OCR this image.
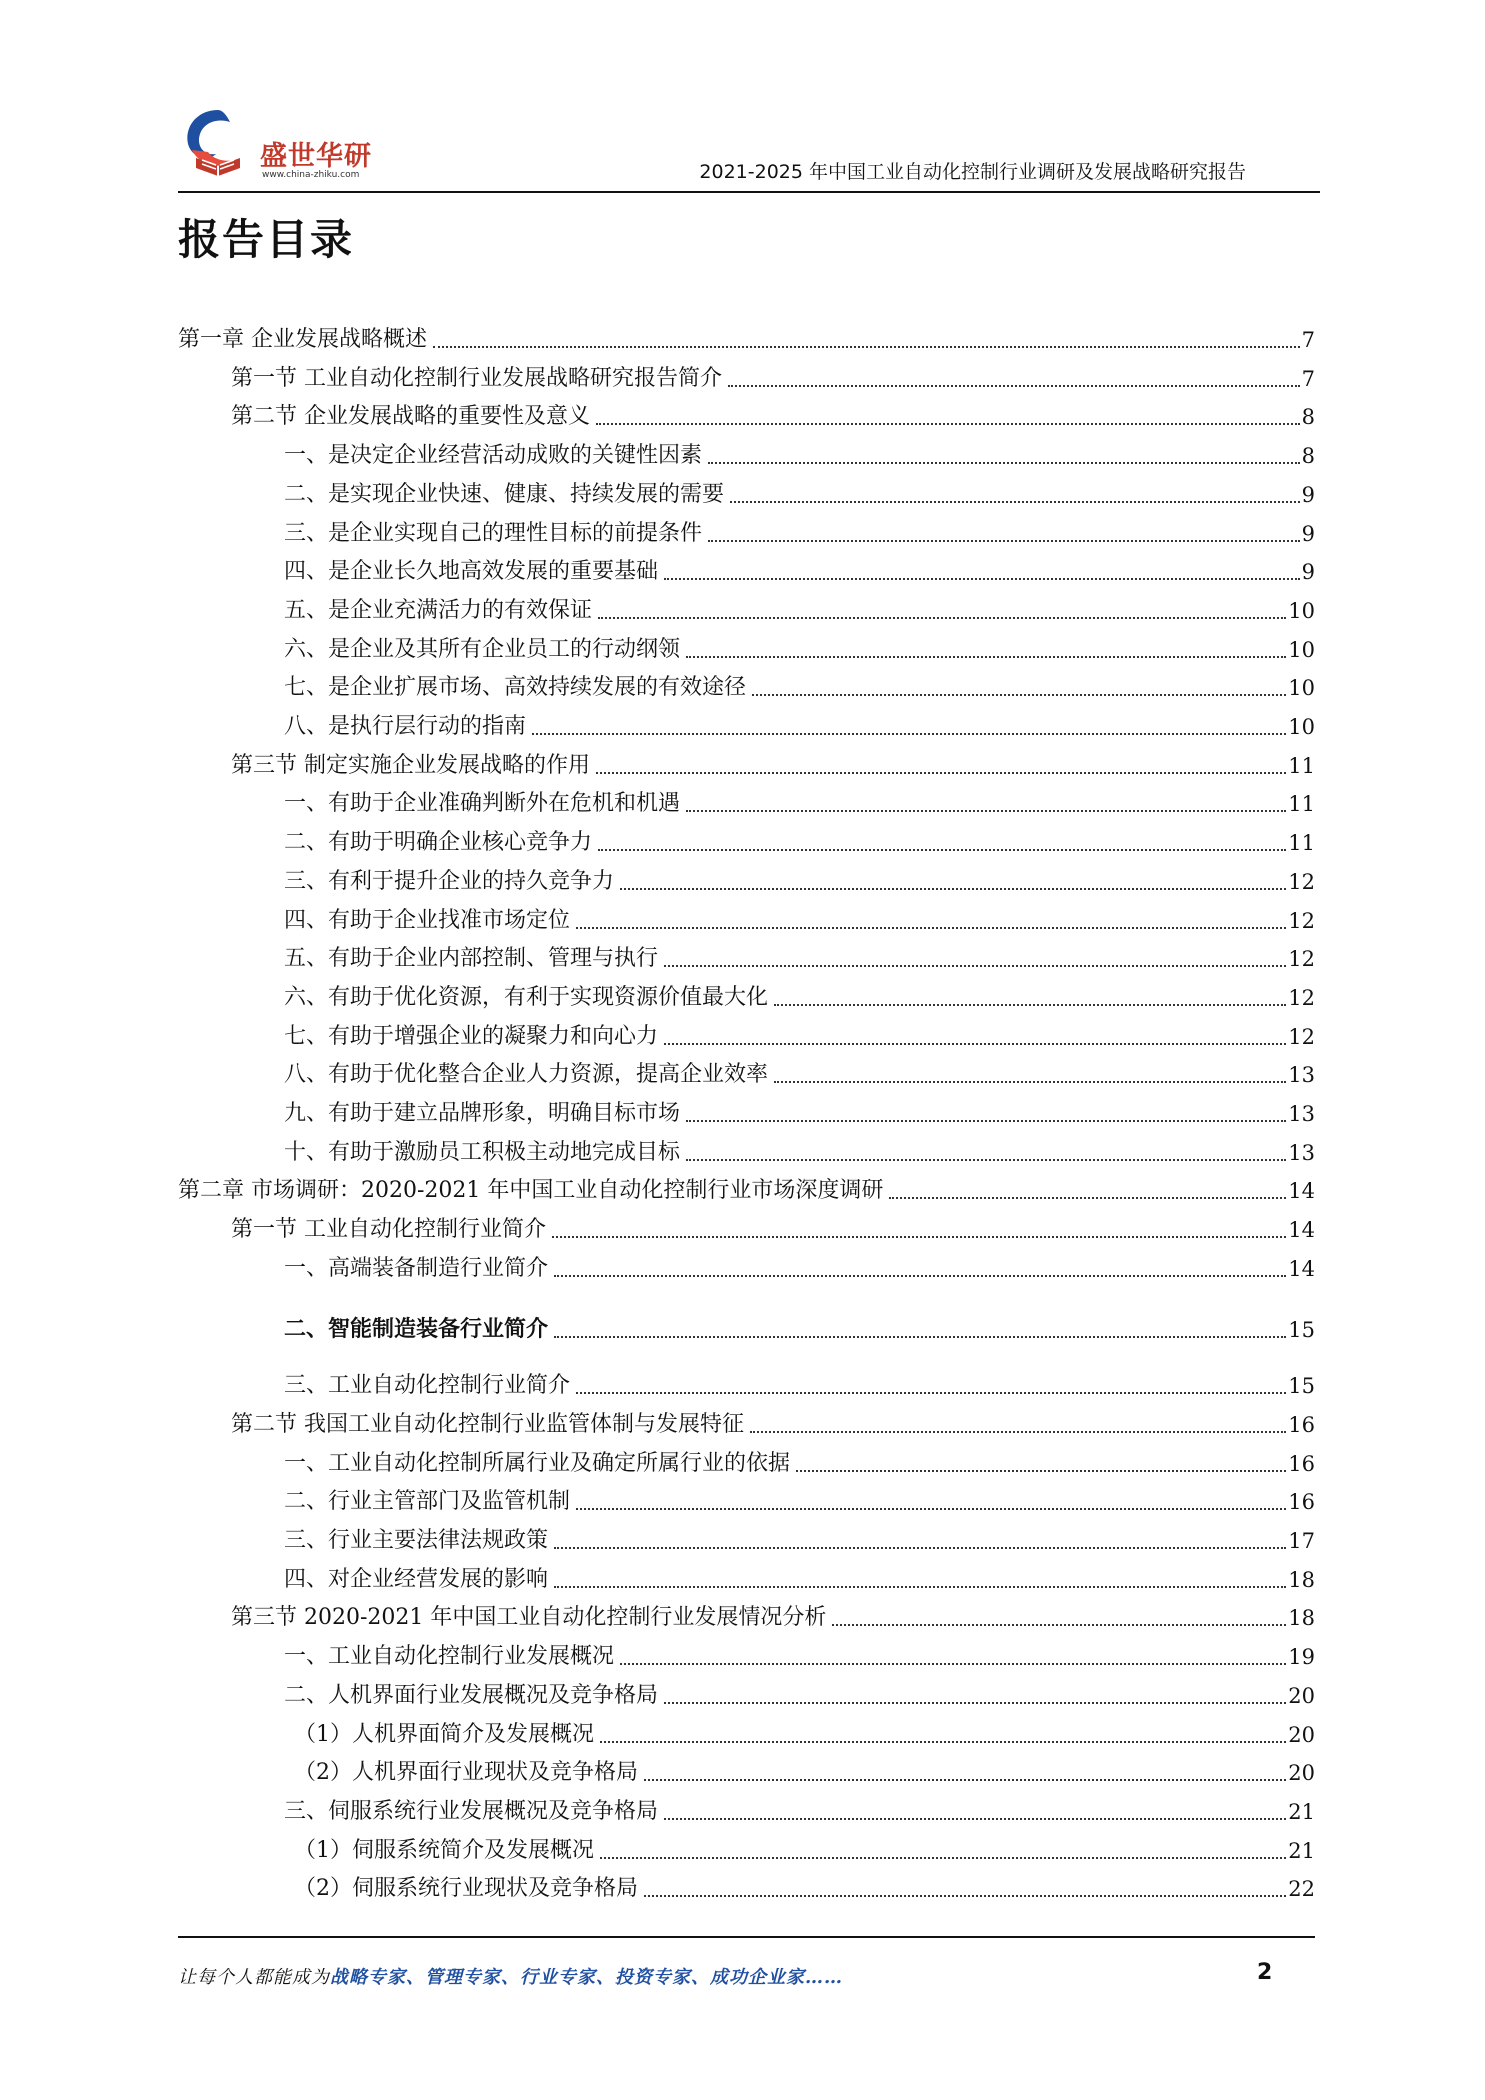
盛世华研
www.china-zhiku.com	2021-2025 年中国工业自动化控制行业调研及发展战略研究报告
报告目录
第一章 企业发展战略概述	7
第一节 工业自动化控制行业发展战略研究报告简介	7
第二节 企业发展战略的重要性及意义	8
一、是决定企业经营活动成败的关键性因素	8
二、是实现企业快速、健康、持续发展的需要	9
三、是企业实现自己的理性目标的前提条件	9
四、是企业长久地高效发展的重要基础	9
五、是企业充满活力的有效保证	10
六、是企业及其所有企业员工的行动纲领	10
七、是企业扩展市场、高效持续发展的有效途径	10
八、是执行层行动的指南	10
第三节 制定实施企业发展战略的作用	11
一、有助于企业准确判断外在危机和机遇	11
二、有助于明确企业核心竞争力	11
三、有利于提升企业的持久竞争力	12
四、有助于企业找准市场定位	12
五、有助于企业内部控制、管理与执行	12
六、有助于优化资源，有利于实现资源价值最大化	12
七、有助于增强企业的凝聚力和向心力	12
八、有助于优化整合企业人力资源，提高企业效率	13
九、有助于建立品牌形象，明确目标市场	13
十、有助于激励员工积极主动地完成目标	13
第二章 市场调研：2020-2021 年中国工业自动化控制行业市场深度调研	14
第一节 工业自动化控制行业简介	14
一、高端装备制造行业简介	14
二、智能制造装备行业简介	15
三、工业自动化控制行业简介	15
第二节 我国工业自动化控制行业监管体制与发展特征	16
一、工业自动化控制所属行业及确定所属行业的依据	16
二、行业主管部门及监管机制	16
三、行业主要法律法规政策	17
四、对企业经营发展的影响	18
第三节 2020-2021 年中国工业自动化控制行业发展情况分析	18
一、工业自动化控制行业发展概况	19
二、人机界面行业发展概况及竞争格局	20
（1）人机界面简介及发展概况	20
（2）人机界面行业现状及竞争格局	20
三、伺服系统行业发展概况及竞争格局	21
（1）伺服系统简介及发展概况	21
（2）伺服系统行业现状及竞争格局	22
让每个人都能成为战略专家、管理专家、行业专家、投资专家、成功企业家……	2
